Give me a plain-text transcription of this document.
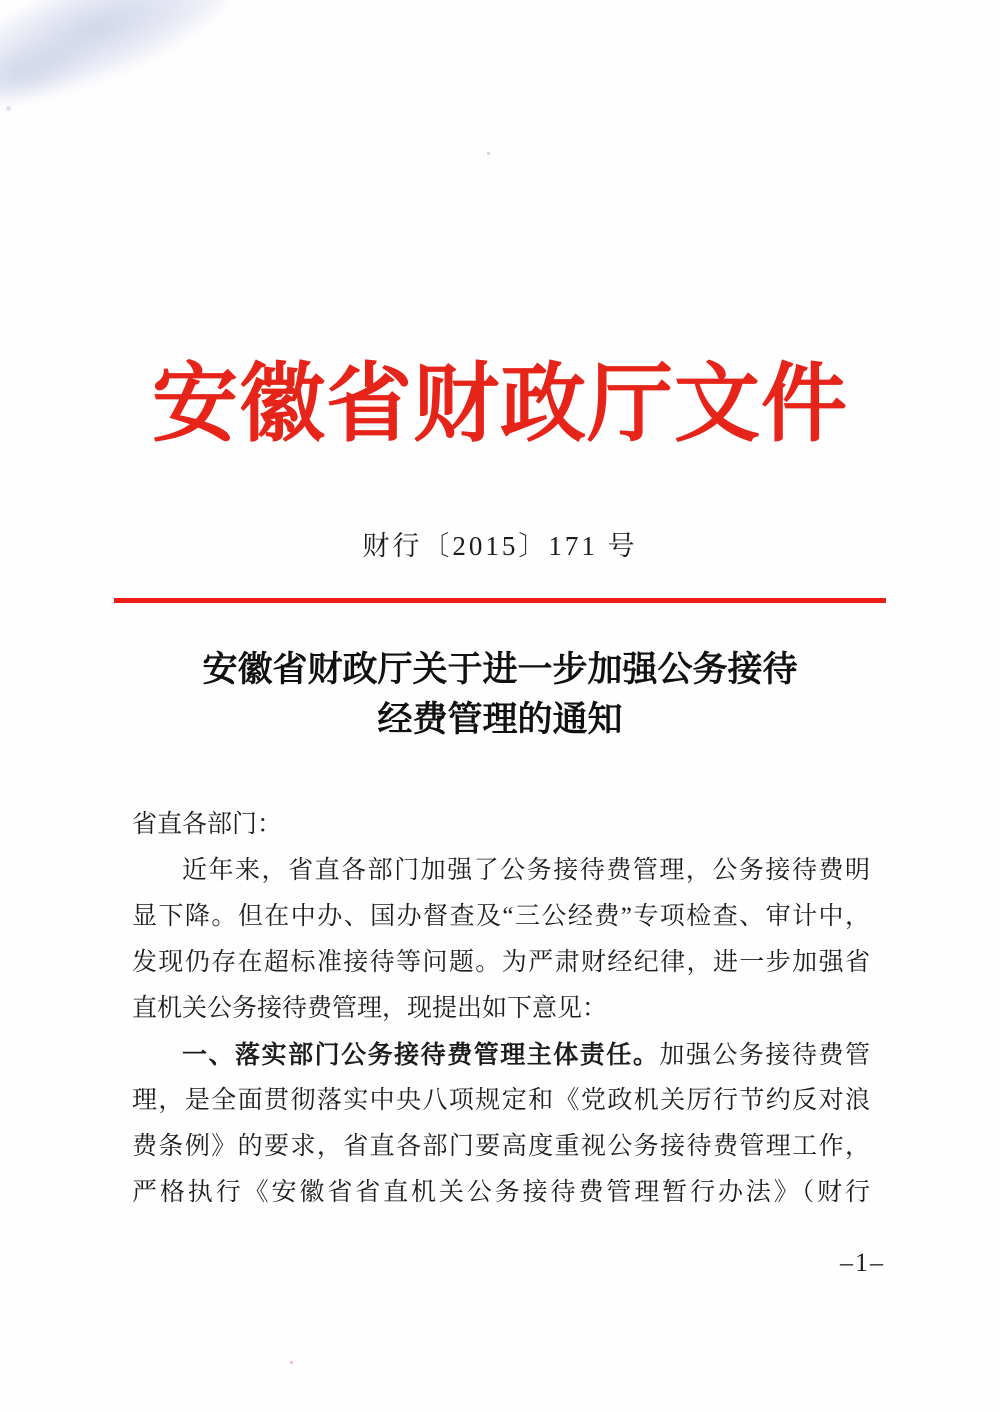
安徽省财政厅文件
财行〔2015〕171 号
安徽省财政厅关于进一步加强公务接待
经费管理的通知

省直各部门：

近年来，省直各部门加强了公务接待费管理，公务接待费明

显下降。但在中办、国办督查及“三公经费”专项检查、审计中，

发现仍存在超标准接待等问题。为严肃财经纪律，进一步加强省

直机关公务接待费管理，现提出如下意见：

一、落实部门公务接待费管理主体责任。加强公务接待费管

理，是全面贯彻落实中央八项规定和《党政机关厉行节约反对浪

费条例》的要求，省直各部门要高度重视公务接待费管理工作，

严格执行《安徽省省直机关公务接待费管理暂行办法》（财行

–1–
